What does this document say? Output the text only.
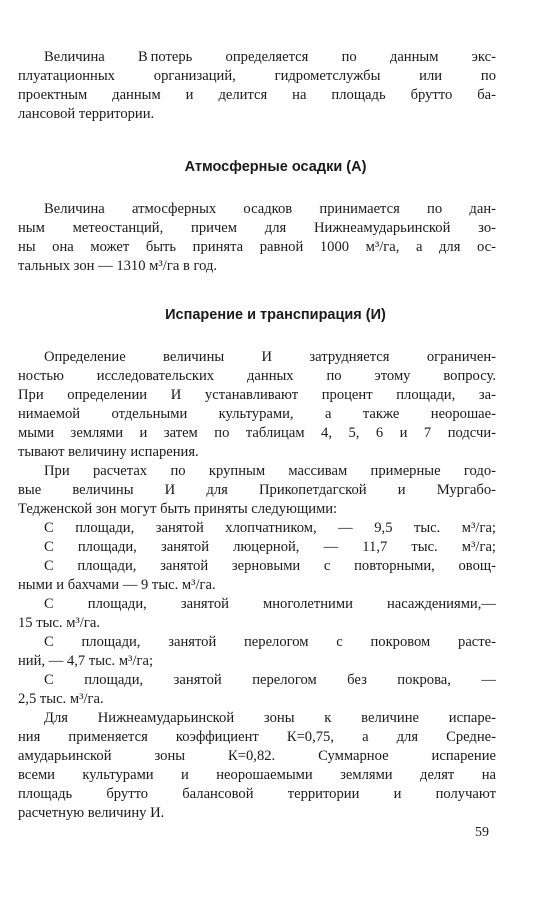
Величина В потерь определяется по данным экс-
плуатационных организаций, гидрометслужбы или по
проектным данным и делится на площадь брутто ба-
лансовой территории.
Атмосферные осадки (А)
Величина атмосферных осадков принимается по дан-
ным метеостанций, причем для Нижнеамударьинской зо-
ны она может быть принята равной 1000 м³/га, а для ос-
тальных зон — 1310 м³/га в год.
Испарение и транспирация (И)
Определение величины И затрудняется ограничен-
ностью исследовательских данных по этому вопросу.
При определении И устанавливают процент площади, за-
нимаемой отдельными культурами, а также неорошае-
мыми землями и затем по таблицам 4, 5, 6 и 7 подсчи-
тывают величину испарения.
При расчетах по крупным массивам примерные годо-
вые величины И для Прикопетдагской и Мургабо-
Тедженской зон могут быть приняты следующими:
С площади, занятой хлопчатником, — 9,5 тыс. м³/га;
С площади, занятой люцерной, — 11,7 тыс. м³/га;
С площади, занятой зерновыми с повторными, овощ-
ными и бахчами — 9 тыс. м³/га.
С площади, занятой многолетними насаждениями,—
15 тыс. м³/га.
С площади, занятой перелогом с покровом расте-
ний, — 4,7 тыс. м³/га;
С площади, занятой перелогом без покрова, —
2,5 тыс. м³/га.
Для Нижнеамударьинской зоны к величине испаре-
ния применяется коэффициент К=0,75, а для Средне-
амударьинской зоны К=0,82. Суммарное испарение
всеми культурами и неорошаемыми землями делят на
площадь брутто балансовой территории и получают
расчетную величину И.
59
